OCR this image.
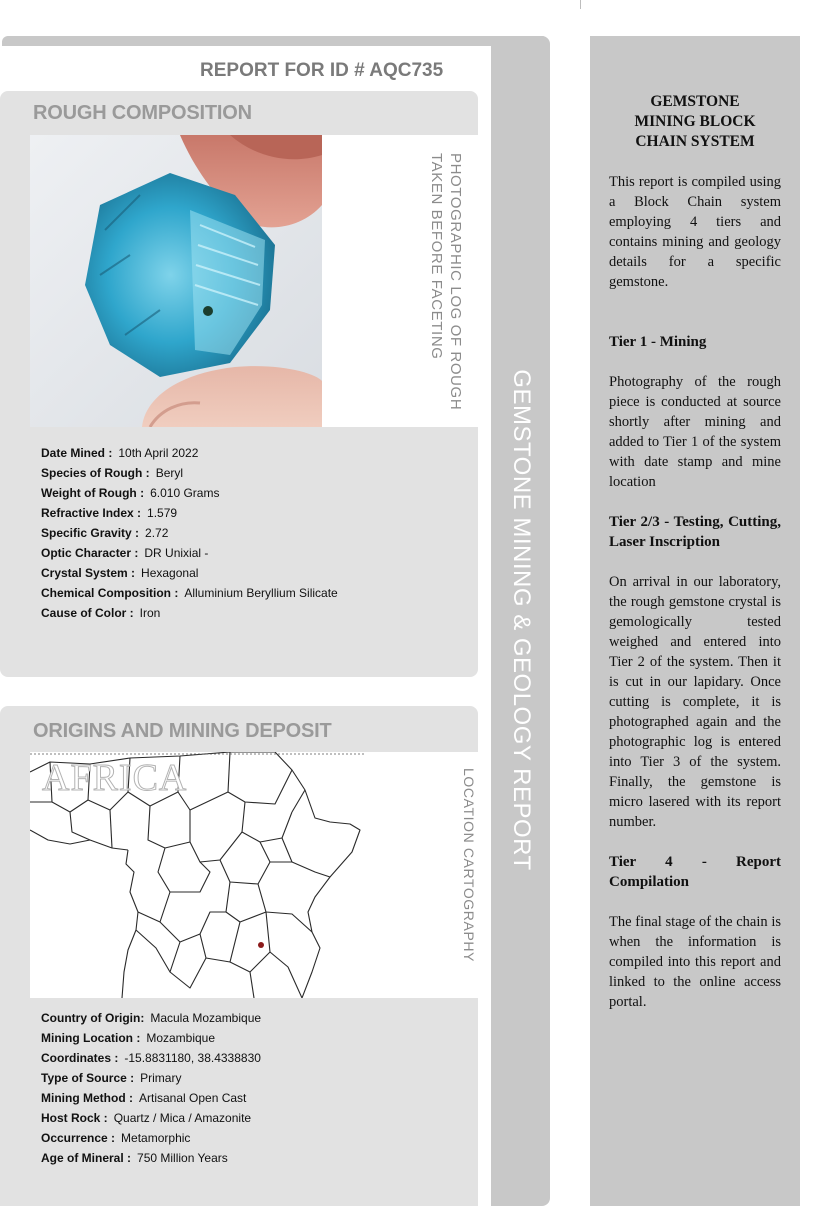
REPORT FOR ID # AQC735
ROUGH COMPOSITION
PHOTOGRAPHIC LOG OF ROUGH
TAKEN BEFORE FACETING
Date Mined : 10th April 2022
Species of Rough : Beryl
Weight of Rough : 6.010 Grams
Refractive Index : 1.579
Specific Gravity : 2.72
Optic Character : DR Unixial -
Crystal System : Hexagonal
Chemical Composition : Alluminium Beryllium Silicate
Cause of Color : Iron
ORIGINS AND MINING DEPOSIT
AFRICA	LOCATION CARTOGRAPHY
Country of Origin: Macula Mozambique
Mining Location : Mozambique
Coordinates : -15.8831180, 38.4338830
Type of Source : Primary
Mining Method : Artisanal Open Cast
Host Rock : Quartz / Mica / Amazonite
Occurrence : Metamorphic
Age of Mineral : 750 Million Years
GEMSTONE MINING & GEOLOGY REPORT
GEMSTONE
MINING BLOCK
CHAIN SYSTEM

This report is compiled using a Block Chain system employing 4 tiers and contains mining and geology details for a specific gemstone.

Tier 1 - Mining

Photography of the rough piece is conducted at source shortly after mining and added to Tier 1 of the system with date stamp and mine location

Tier 2/3 - Testing, Cutting, Laser Inscription

On arrival in our laboratory, the rough gemstone crystal is gemologically tested weighed and entered into Tier 2 of the system. Then it is cut in our lapidary. Once cutting is complete, it is photographed again and the photographic log is entered into Tier 3 of the system. Finally, the gemstone is micro lasered with its report number.

Tier 4 - Report Compilation

The final stage of the chain is when the information is compiled into this report and linked to the online access portal.
